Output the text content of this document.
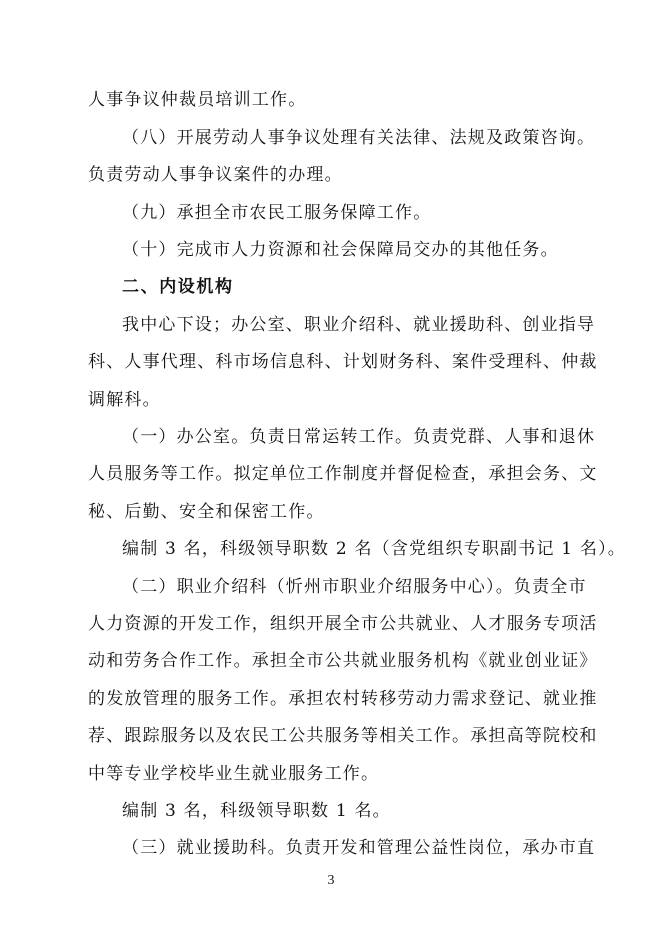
人事争议仲裁员培训工作。
（八）开展劳动人事争议处理有关法律、法规及政策咨询。
负责劳动人事争议案件的办理。
（九）承担全市农民工服务保障工作。
（十）完成市人力资源和社会保障局交办的其他任务。
二、内设机构
我中心下设；办公室、职业介绍科、就业援助科、创业指导
科、人事代理、科市场信息科、计划财务科、案件受理科、仲裁
调解科。
（一）办公室。负责日常运转工作。负责党群、人事和退休
人员服务等工作。拟定单位工作制度并督促检查，承担会务、文
秘、后勤、安全和保密工作。
编制 3 名，科级领导职数 2 名（含党组织专职副书记 1 名）。
（二）职业介绍科（忻州市职业介绍服务中心）。负责全市
人力资源的开发工作，组织开展全市公共就业、人才服务专项活
动和劳务合作工作。承担全市公共就业服务机构《就业创业证》
的发放管理的服务工作。承担农村转移劳动力需求登记、就业推
荐、跟踪服务以及农民工公共服务等相关工作。承担高等院校和
中等专业学校毕业生就业服务工作。
编制 3 名，科级领导职数 1 名。
（三）就业援助科。负责开发和管理公益性岗位，承办市直
3
